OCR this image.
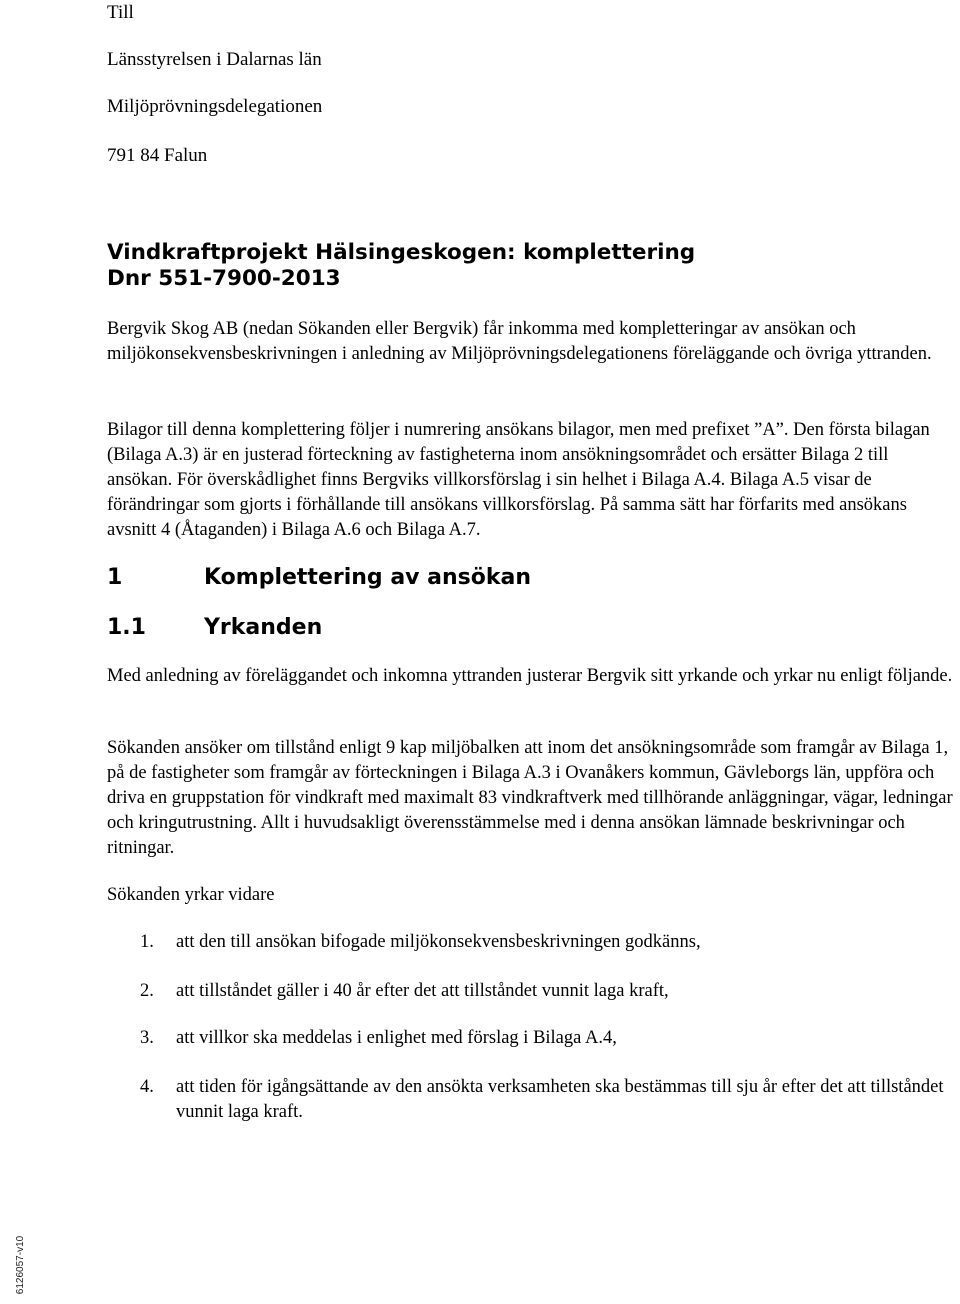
Till

Länsstyrelsen i Dalarnas län

Miljöprövningsdelegationen

791 84 Falun

Vindkraftprojekt Hälsingeskogen: komplettering
Dnr 551-7900-2013

Bergvik Skog AB (nedan Sökanden eller Bergvik) får inkomma med kompletteringar av ansökan och miljökonsekvensbeskrivningen i anledning av Miljöprövningsdelegationens föreläggande och övriga yttranden.

Bilagor till denna komplettering följer i numrering ansökans bilagor, men med prefixet ”A”. Den första bilagan (Bilaga A.3) är en justerad förteckning av fastigheterna inom ansökningsområdet och ersätter Bilaga 2 till ansökan. För överskådlighet finns Bergviks villkorsförslag i sin helhet i Bilaga A.4. Bilaga A.5 visar de förändringar som gjorts i förhållande till ansökans villkorsförslag. På samma sätt har förfarits med ansökans avsnitt 4 (Åtaganden) i Bilaga A.6 och Bilaga A.7.

1	Komplettering av ansökan
1.1	Yrkanden

Med anledning av föreläggandet och inkomna yttranden justerar Bergvik sitt yrkande och yrkar nu enligt följande.

Sökanden ansöker om tillstånd enligt 9 kap miljöbalken att inom det ansökningsområde som framgår av Bilaga 1, på de fastigheter som framgår av förteckningen i Bilaga A.3 i Ovanåkers kommun, Gävleborgs län, uppföra och driva en gruppstation för vindkraft med maximalt 83 vindkraftverk med tillhörande anläggningar, vägar, ledningar och kringutrustning. Allt i huvudsakligt överensstämmelse med i denna ansökan lämnade beskrivningar och ritningar.

Sökanden yrkar vidare

1. att den till ansökan bifogade miljökonsekvensbeskrivningen godkänns,
2. att tillståndet gäller i 40 år efter det att tillståndet vunnit laga kraft,
3. att villkor ska meddelas i enlighet med förslag i Bilaga A.4,
4. att tiden för igångsättande av den ansökta verksamheten ska bestämmas till sju år efter det att tillståndet vunnit laga kraft.
6126057-v10
